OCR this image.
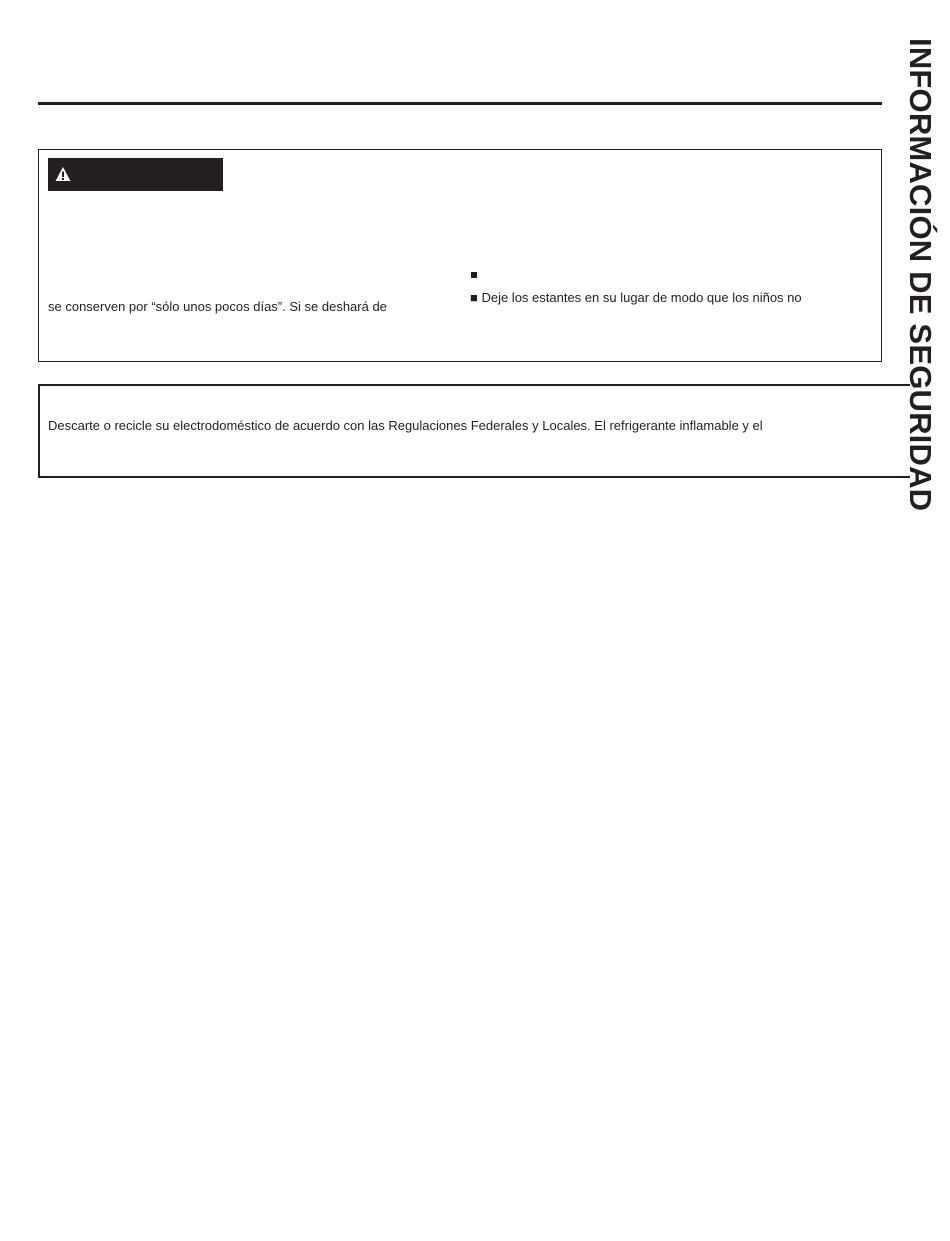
INFORMACIÓN DE SEGURIDAD
se conserven por “sólo unos pocos días”. Si se deshará de
■ Deje los estantes en su lugar de modo que los niños no
Descarte o recicle su electrodoméstico de acuerdo con las Regulaciones Federales y Locales. El refrigerante inflamable y el
